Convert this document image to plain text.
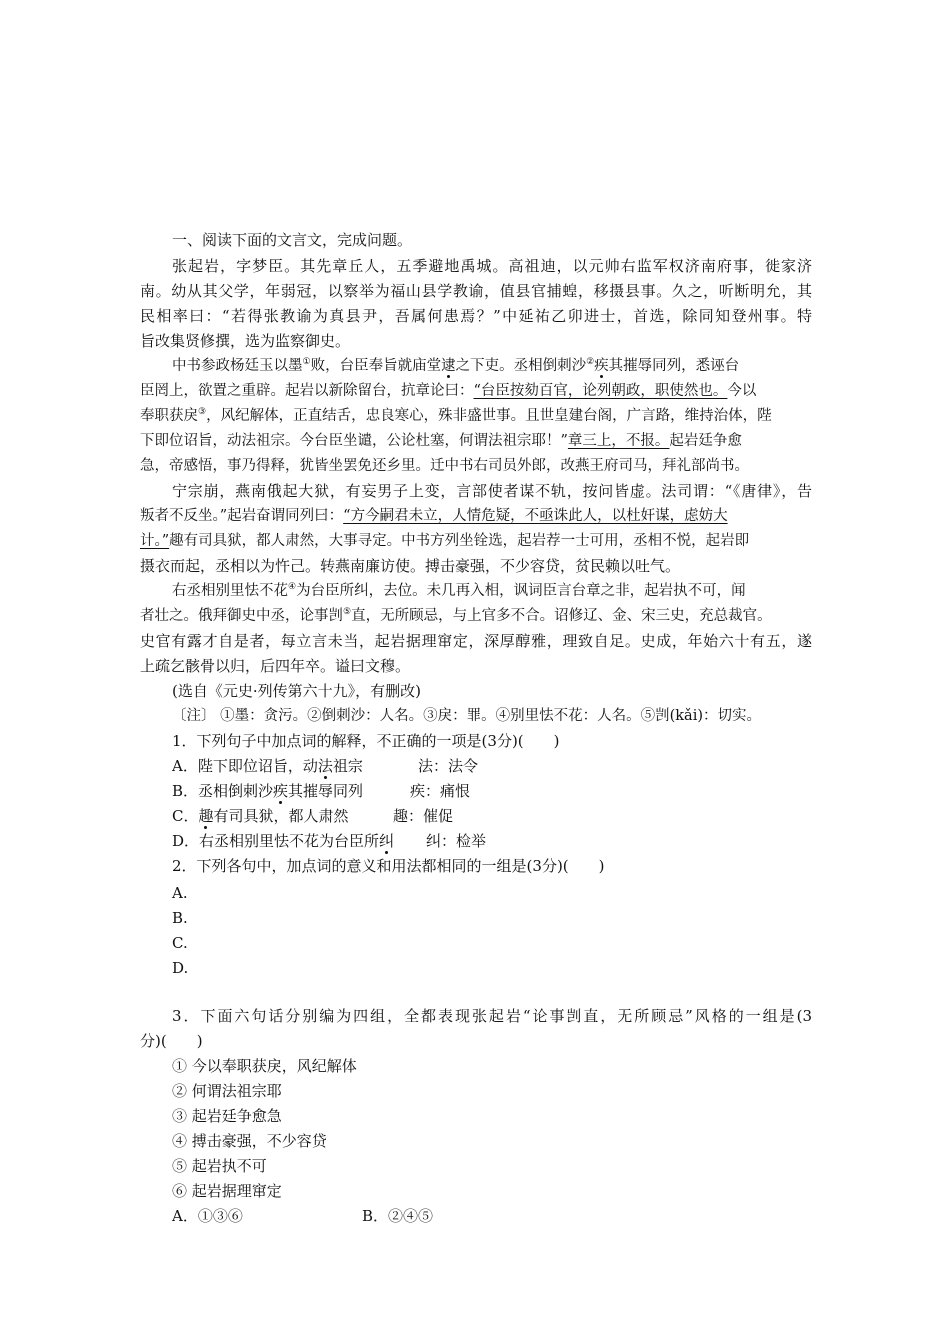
一、阅读下面的文言文，完成问题。
张起岩，字梦臣。其先章丘人，五季避地禹城。高祖迪，以元帅右监军权济南府事，徙家济
南。幼从其父学，年弱冠，以察举为福山县学教谕，值县官捕蝗，移摄县事。久之，听断明允，其
民相率曰：“若得张教谕为真县尹，吾属何患焉？”中延祐乙卯进士，首选，除同知登州事。特
旨改集贤修撰，选为监察御史。
中书参政杨廷玉以墨①败，台臣奉旨就庙堂逮之下吏。丞相倒刺沙②疾其摧辱同列，悉诬台
臣罔上，欲置之重辟。起岩以新除留台，抗章论曰：“台臣按劾百官，论列朝政，职使然也。今以
奉职获戾③，风纪解体，正直结舌，忠良寒心，殊非盛世事。且世皇建台阁，广言路，维持治体，陛
下即位诏旨，动法祖宗。今台臣坐谴，公论杜塞，何谓法祖宗耶！”章三上，不报。起岩廷争愈
急，帝感悟，事乃得释，犹皆坐罢免还乡里。迁中书右司员外郎，改燕王府司马，拜礼部尚书。
宁宗崩，燕南俄起大狱，有妄男子上变，言部使者谋不轨，按问皆虚。法司谓：“《唐律》，告
叛者不反坐。”起岩奋谓同列曰：“方今嗣君未立，人情危疑，不亟诛此人，以杜奸谋，虑妨大
计。”趣有司具狱，都人肃然，大事寻定。中书方列坐铨选，起岩荐一士可用，丞相不悦，起岩即
摄衣而起，丞相以为忤己。转燕南廉访使。搏击豪强，不少容贷，贫民赖以吐气。
右丞相别里怯不花④为台臣所纠，去位。未几再入相，讽词臣言台章之非，起岩执不可，闻
者壮之。俄拜御史中丞，论事剀⑤直，无所顾忌，与上官多不合。诏修辽、金、宋三史，充总裁官。
史官有露才自是者，每立言未当，起岩据理窜定，深厚醇雅，理致自足。史成，年始六十有五，遂
上疏乞骸骨以归，后四年卒。谥曰文穆。
(选自《元史·列传第六十九》，有删改)
〔注〕 ①墨：贪污。②倒刺沙：人名。③戾：罪。④别里怯不花：人名。⑤剀(kǎi)：切实。
1．下列句子中加点词的解释，不正确的一项是(3分)(　　)
A．陛下即位诏旨，动法祖宗	法：法令
B．丞相倒刺沙疾其摧辱同列	疾：痛恨
C．趣有司具狱，都人肃然	趣：催促
D．右丞相别里怯不花为台臣所纠 纠：检举
2．下列各句中，加点词的意义和用法都相同的一组是(3分)(　　)
A.
B.
C.
D.
3．下面六句话分别编为四组，全都表现张起岩“论事剀直，无所顾忌”风格的一组是(3
分)(　　)
① 今以奉职获戾，风纪解体
② 何谓法祖宗耶
③ 起岩廷争愈急
④ 搏击豪强，不少容贷
⑤ 起岩执不可
⑥ 起岩据理窜定
A．①③⑥	B．②④⑤
